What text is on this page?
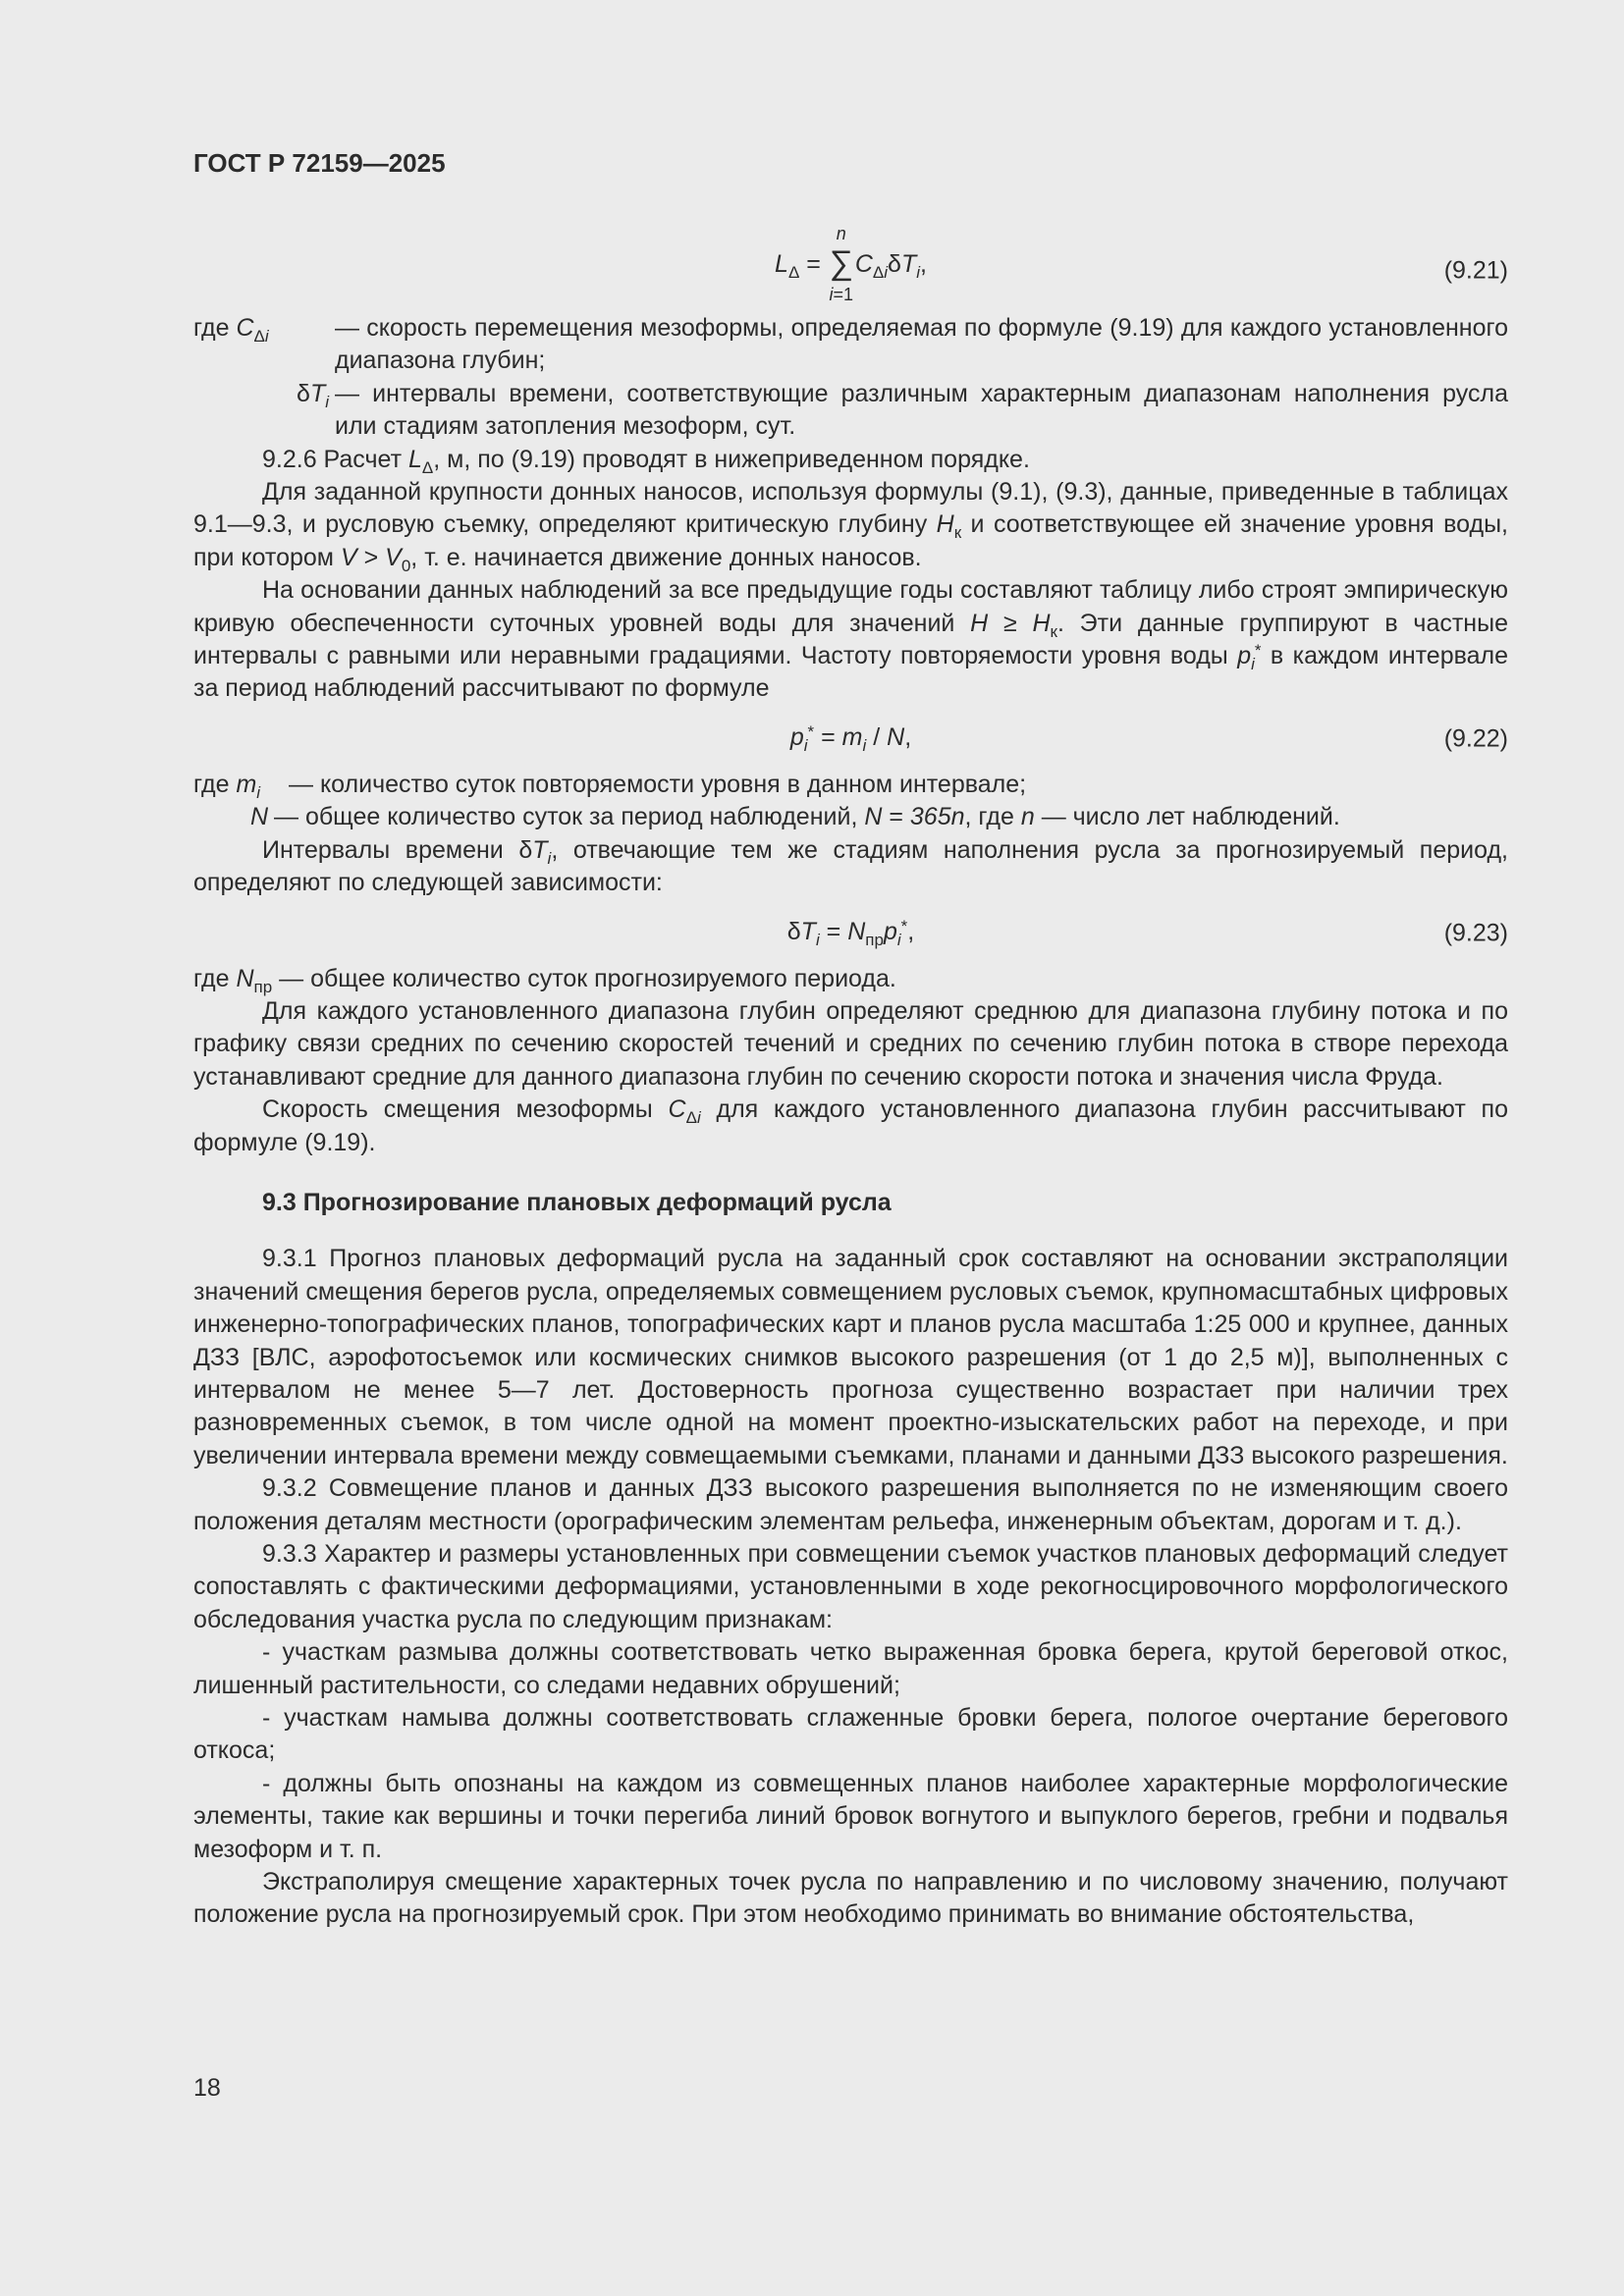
ГОСТ Р 72159—2025
$L_\Delta$ =
n
∑
i=1
$C_{\Delta i}\delta T_i$,	(9.21)
где $C_{\Delta i}$	— скорость перемещения мезоформы, определяемая по формуле (9.19) для каждого установленного диапазона глубин;
$\delta T_i$ — интервалы времени, соответствующие различным характерным диапазонам наполнения русла или стадиям затопления мезоформ, сут.

9.2.6 Расчет $L_\Delta$, м, по (9.19) проводят в нижеприведенном порядке.

Для заданной крупности донных наносов, используя формулы (9.1), (9.3), данные, приведенные в таблицах 9.1—9.3, и русловую съемку, определяют критическую глубину $H_к$ и соответствующее ей значение уровня воды, при котором $V > V_0$, т. е. начинается движение донных наносов.

На основании данных наблюдений за все предыдущие годы составляют таблицу либо строят эмпирическую кривую обеспеченности суточных уровней воды для значений $H \ge H_к$. Эти данные группируют в частные интервалы с равными или неравными градациями. Частоту повторяемости уровня воды $p_i^*$ в каждом интервале за период наблюдений рассчитывают по формуле

$p_i^* = m_i / N$,	(9.22)
где $m_i$	— количество суток повторяемости уровня в данном интервале;
N — общее количество суток за период наблюдений, N = 365n, где n — число лет наблюдений.

Интервалы времени $\delta T_i$, отвечающие тем же стадиям наполнения русла за прогнозируемый период, определяют по следующей зависимости:

$\delta T_i = N_{пр}p_i^*$,	(9.23)

где $N_{пр}$ — общее количество суток прогнозируемого периода.

Для каждого установленного диапазона глубин определяют среднюю для диапазона глубину потока и по графику связи средних по сечению скоростей течений и средних по сечению глубин потока в створе перехода устанавливают средние для данного диапазона глубин по сечению скорости потока и значения числа Фруда.

Скорость смещения мезоформы $C_{\Delta i}$ для каждого установленного диапазона глубин рассчитывают по формуле (9.19).

9.3 Прогнозирование плановых деформаций русла

9.3.1 Прогноз плановых деформаций русла на заданный срок составляют на основании экстраполяции значений смещения берегов русла, определяемых совмещением русловых съемок, крупномасштабных цифровых инженерно-топографических планов, топографических карт и планов русла масштаба 1:25 000 и крупнее, данных ДЗЗ [ВЛС, аэрофотосъемок или космических снимков высокого разрешения (от 1 до 2,5 м)], выполненных с интервалом не менее 5—7 лет. Достоверность прогноза существенно возрастает при наличии трех разновременных съемок, в том числе одной на момент проектно-изыскательских работ на переходе, и при увеличении интервала времени между совмещаемыми съемками, планами и данными ДЗЗ высокого разрешения.

9.3.2 Совмещение планов и данных ДЗЗ высокого разрешения выполняется по не изменяющим своего положения деталям местности (орографическим элементам рельефа, инженерным объектам, дорогам и т. д.).

9.3.3 Характер и размеры установленных при совмещении съемок участков плановых деформаций следует сопоставлять с фактическими деформациями, установленными в ходе рекогносцировочного морфологического обследования участка русла по следующим признакам:

- участкам размыва должны соответствовать четко выраженная бровка берега, крутой береговой откос, лишенный растительности, со следами недавних обрушений;

- участкам намыва должны соответствовать сглаженные бровки берега, пологое очертание берегового откоса;

- должны быть опознаны на каждом из совмещенных планов наиболее характерные морфологические элементы, такие как вершины и точки перегиба линий бровок вогнутого и выпуклого берегов, гребни и подвалья мезоформ и т. п.

Экстраполируя смещение характерных точек русла по направлению и по числовому значению, получают положение русла на прогнозируемый срок. При этом необходимо принимать во внимание обстоятельства,

18
